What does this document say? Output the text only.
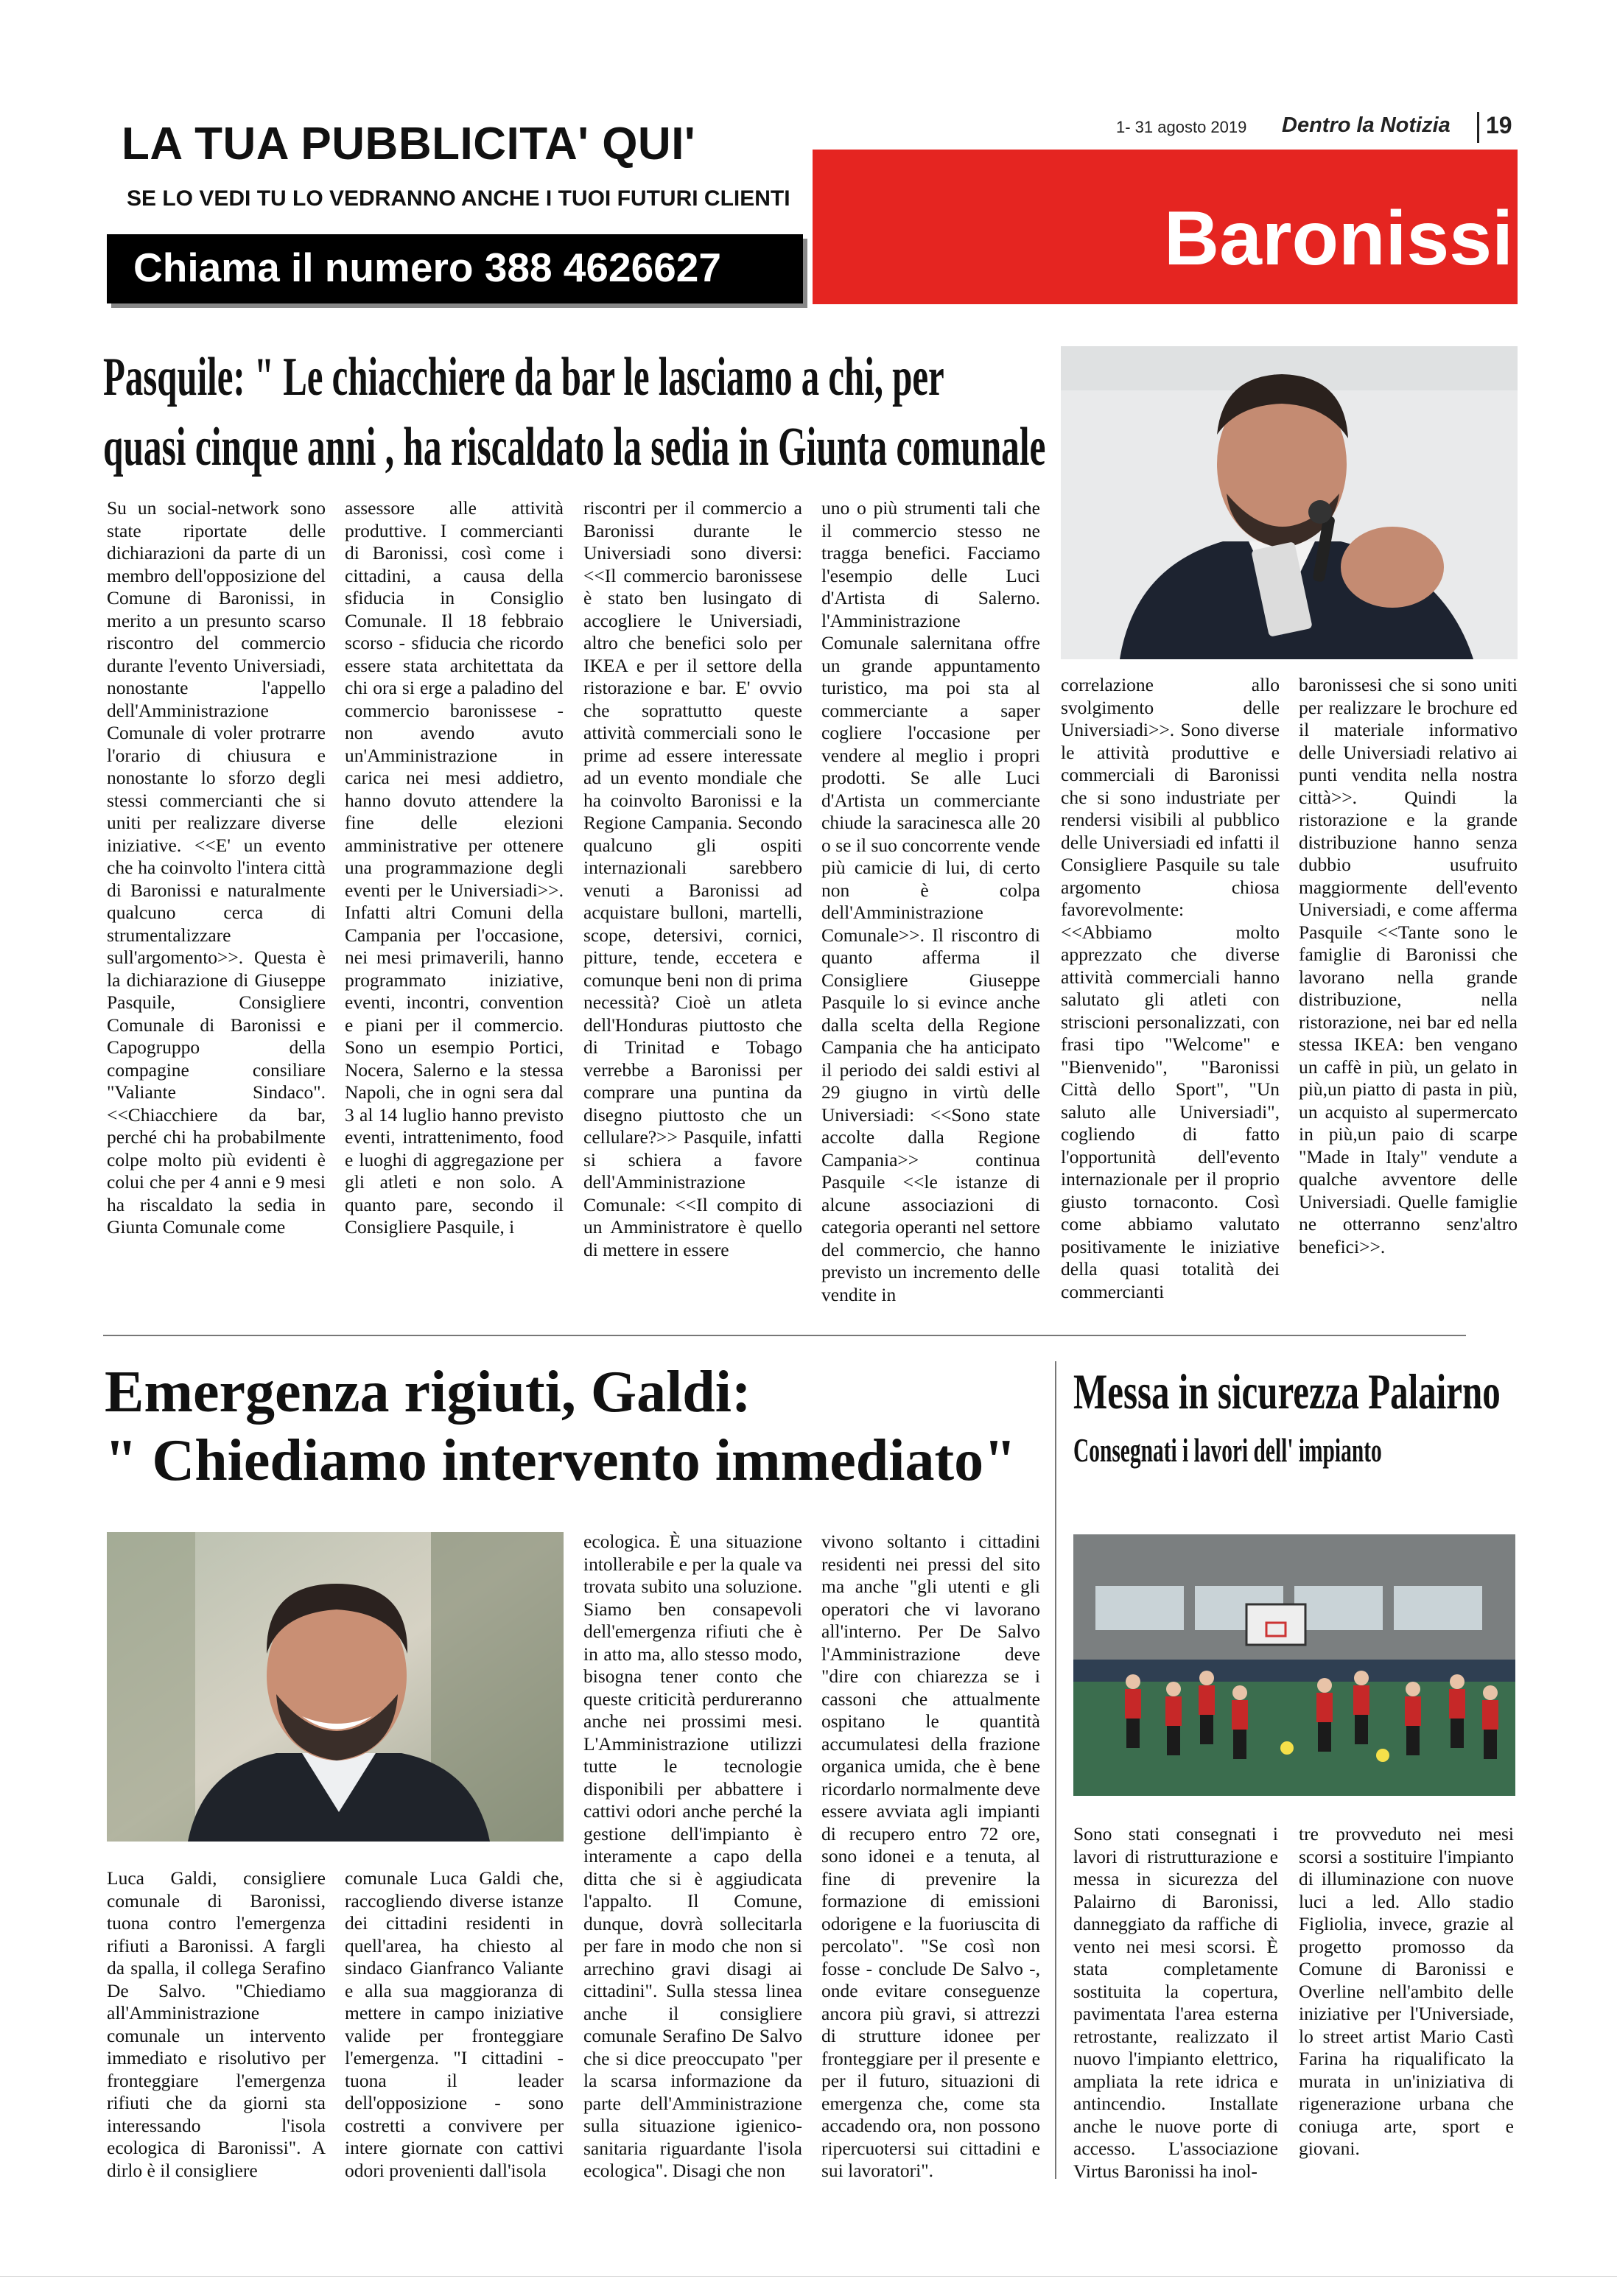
LA TUA PUBBLICITA' QUI'
SE LO VEDI TU LO VEDRANNO ANCHE I TUOI FUTURI CLIENTI
Chiama il numero 388 4626627
1- 31 agosto 2019 Dentro la Notizia 19
Baronissi
Pasquile: " Le chiacchiere da bar le lasciamo a chi, per
quasi cinque anni , ha riscaldato la sedia in Giunta comunale
Su un social-network sono state riportate delle dichiarazioni da parte di un membro dell'opposizione del Comune di Baronissi, in merito a un presunto scarso riscontro del commercio durante l'evento Universiadi, nonostante l'appello dell'Amministrazione Comunale di voler protrarre l'orario di chiusura e nonostante lo sforzo degli stessi commercianti che si uniti per realizzare diverse iniziative. <<E' un evento che ha coinvolto l'intera città di Baronissi e naturalmente qualcuno cerca di strumentalizzare sull'argomento>>. Questa è la dichiarazione di Giuseppe Pasquile, Consigliere Comunale di Baronissi e Capogruppo della compagine consiliare "Valiante Sindaco". <<Chiacchiere da bar, perché chi ha probabilmente colpe molto più evidenti è colui che per 4 anni e 9 mesi ha riscaldato la sedia in Giunta Comunale come
assessore alle attività produttive. I commercianti di Baronissi, così come i cittadini, a causa della sfiducia in Consiglio Comunale. Il 18 febbraio scorso - sfiducia che ricordo essere stata architettata da chi ora si erge a paladino del commercio baronissese - non avendo avuto un'Amministrazione in carica nei mesi addietro, hanno dovuto attendere la fine delle elezioni amministrative per ottenere una programmazione degli eventi per le Universiadi>>. Infatti altri Comuni della Campania per l'occasione, nei mesi primaverili, hanno programmato iniziative, eventi, incontri, convention e piani per il commercio. Sono un esempio Portici, Nocera, Salerno e la stessa Napoli, che in ogni sera dal 3 al 14 luglio hanno previsto eventi, intrattenimento, food e luoghi di aggregazione per gli atleti e non solo. A quanto pare, secondo il Consigliere Pasquile, i
riscontri per il commercio a Baronissi durante le Universiadi sono diversi: <<Il commercio baronissese è stato ben lusingato di accogliere le Universiadi, altro che benefici solo per IKEA e per il settore della ristorazione e bar. E' ovvio che soprattutto queste attività commerciali sono le prime ad essere interessate ad un evento mondiale che ha coinvolto Baronissi e la Regione Campania. Secondo qualcuno gli ospiti internazionali sarebbero venuti a Baronissi ad acquistare bulloni, martelli, scope, detersivi, cornici, pitture, tende, eccetera e comunque beni non di prima necessità? Cioè un atleta dell'Honduras piuttosto che di Trinitad e Tobago verrebbe a Baronissi per comprare una puntina da disegno piuttosto che un cellulare?>> Pasquile, infatti si schiera a favore dell'Amministrazione Comunale: <<Il compito di un Amministratore è quello di mettere in essere
uno o più strumenti tali che il commercio stesso ne tragga benefici. Facciamo l'esempio delle Luci d'Artista di Salerno. l'Amministrazione Comunale salernitana offre un grande appuntamento turistico, ma poi sta al commerciante a saper cogliere l'occasione per vendere al meglio i propri prodotti. Se alle Luci d'Artista un commerciante chiude la saracinesca alle 20 o se il suo concorrente vende più camicie di lui, di certo non è colpa dell'Amministrazione Comunale>>. Il riscontro di quanto afferma il Consigliere Giuseppe Pasquile lo si evince anche dalla scelta della Regione Campania che ha anticipato il periodo dei saldi estivi al 29 giugno in virtù delle Universiadi: <<Sono state accolte dalla Regione Campania>> continua Pasquile <<le istanze di alcune associazioni di categoria operanti nel settore del commercio, che hanno previsto un incremento delle vendite in
correlazione allo svolgimento delle Universiadi>>. Sono diverse le attività produttive e commerciali di Baronissi che si sono industriate per rendersi visibili al pubblico delle Universiadi ed infatti il Consigliere Pasquile su tale argomento chiosa favorevolmente: <<Abbiamo molto apprezzato che diverse attività commerciali hanno salutato gli atleti con striscioni personalizzati, con frasi tipo "Welcome" e "Bienvenido", "Baronissi Città dello Sport", "Un saluto alle Universiadi", cogliendo di fatto l'opportunità dell'evento internazionale per il proprio giusto tornaconto. Così come abbiamo valutato positivamente le iniziative della quasi totalità dei commercianti
baronissesi che si sono uniti per realizzare le brochure ed il materiale informativo delle Universiadi relativo ai punti vendita nella nostra città>>. Quindi la ristorazione e la grande distribuzione hanno senza dubbio usufruito maggiormente dell'evento Universiadi, e come afferma Pasquile <<Tante sono le famiglie di Baronissi che lavorano nella grande distribuzione, nella ristorazione, nei bar ed nella stessa IKEA: ben vengano un caffè in più, un gelato in più,un piatto di pasta in più, un acquisto al supermercato in più,un paio di scarpe "Made in Italy" vendute a qualche avventore delle Universiadi. Quelle famiglie ne otterranno senz'altro benefici>>.
Emergenza rigiuti, Galdi:
" Chiediamo intervento immediato"
Luca Galdi, consigliere comunale di Baronissi, tuona contro l'emergenza rifiuti a Baronissi. A fargli da spalla, il collega Serafino De Salvo. "Chiediamo all'Amministrazione comunale un intervento immediato e risolutivo per fronteggiare l'emergenza rifiuti che da giorni sta interessando l'isola ecologica di Baronissi". A dirlo è il consigliere
comunale Luca Galdi che, raccogliendo diverse istanze dei cittadini residenti in quell'area, ha chiesto al sindaco Gianfranco Valiante e alla sua maggioranza di mettere in campo iniziative valide per fronteggiare l'emergenza. "I cittadini - tuona il leader dell'opposizione - sono costretti a convivere per intere giornate con cattivi odori provenienti dall'isola
ecologica. È una situazione intollerabile e per la quale va trovata subito una soluzione. Siamo ben consapevoli dell'emergenza rifiuti che è in atto ma, allo stesso modo, bisogna tener conto che queste criticità perdureranno anche nei prossimi mesi. L'Amministrazione utilizzi tutte le tecnologie disponibili per abbattere i cattivi odori anche perché la gestione dell'impianto è interamente a capo della ditta che si è aggiudicata l'appalto. Il Comune, dunque, dovrà sollecitarla per fare in modo che non si arrechino gravi disagi ai cittadini". Sulla stessa linea anche il consigliere comunale Serafino De Salvo che si dice preoccupato "per la scarsa informazione da parte dell'Amministrazione sulla situazione igienico-sanitaria riguardante l'isola ecologica". Disagi che non
vivono soltanto i cittadini residenti nei pressi del sito ma anche "gli utenti e gli operatori che vi lavorano all'interno. Per De Salvo l'Amministrazione deve "dire con chiarezza se i cassoni che attualmente ospitano le quantità accumulatesi della frazione organica umida, che è bene ricordarlo normalmente deve essere avviata agli impianti di recupero entro 72 ore, sono idonei e a tenuta, al fine di prevenire la formazione di emissioni odorigene e la fuoriuscita di percolato". "Se così non fosse - conclude De Salvo -, onde evitare conseguenze ancora più gravi, si attrezzi di strutture idonee per fronteggiare per il presente e per il futuro, situazioni di emergenza che, come sta accadendo ora, non possono ripercuotersi sui cittadini e sui lavoratori".
Messa in sicurezza Palairno
Consegnati i lavori dell' impianto
Sono stati consegnati i lavori di ristrutturazione e messa in sicurezza del Palairno di Baronissi, danneggiato da raffiche di vento nei mesi scorsi. È stata completamente sostituita la copertura, pavimentata l'area esterna retrostante, realizzato il nuovo l'impianto elettrico, ampliata la rete idrica e antincendio. Installate anche le nuove porte di accesso. L'associazione Virtus Baronissi ha inol-
tre provveduto nei mesi scorsi a sostituire l'impianto di illuminazione con nuove luci a led. Allo stadio Figliolia, invece, grazie al progetto promosso da Comune di Baronissi e Overline nell'ambito delle iniziative per l'Universiade, lo street artist Mario Castì Farina ha riqualificato la murata in un'iniziativa di rigenerazione urbana che coniuga arte, sport e giovani.
